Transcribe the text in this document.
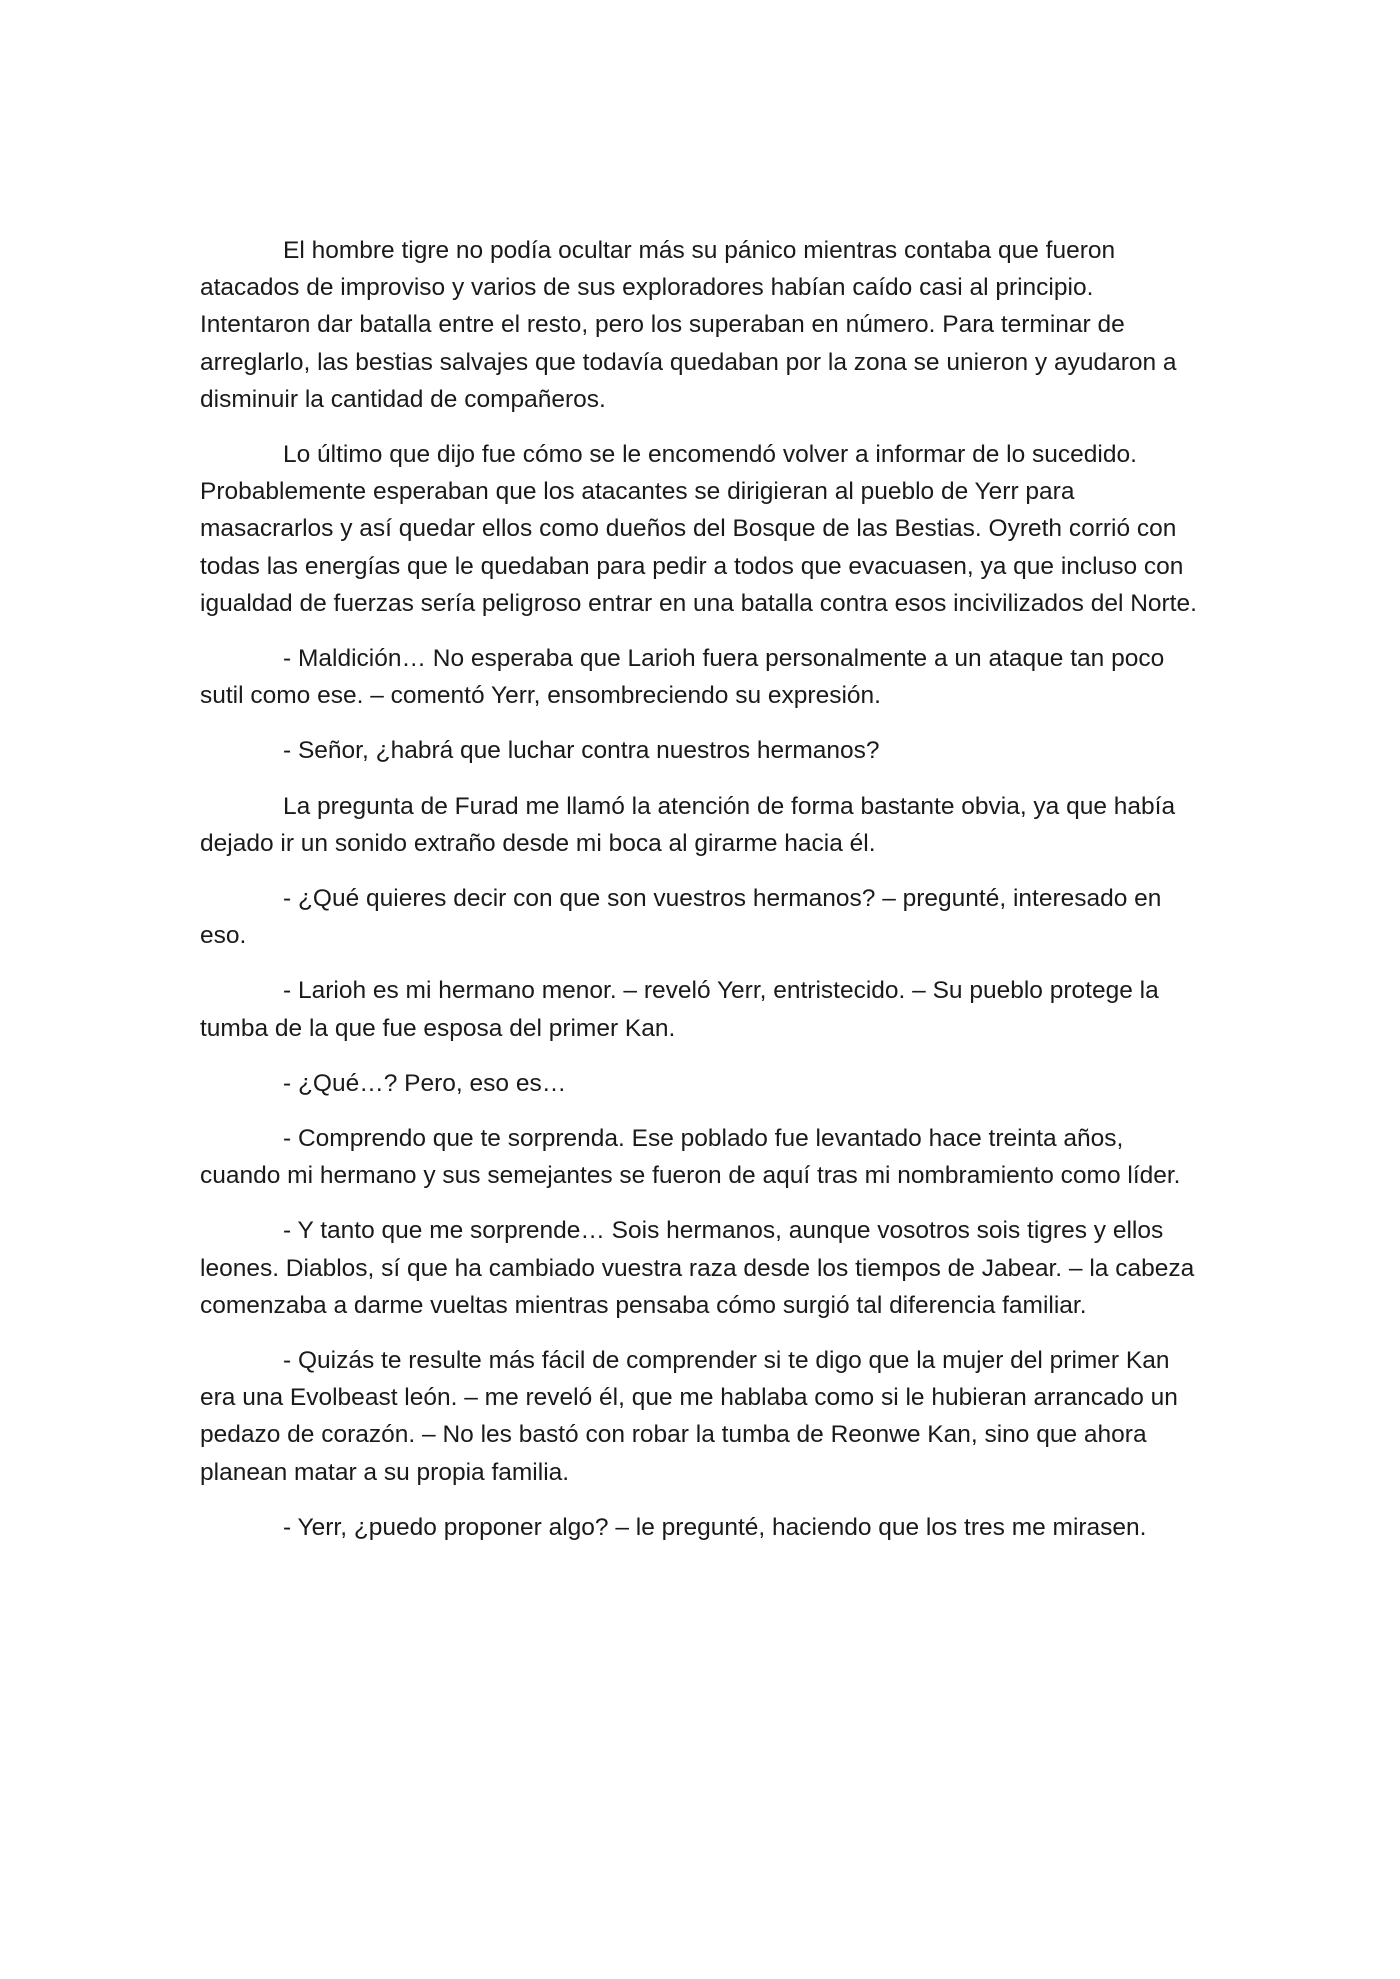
El hombre tigre no podía ocultar más su pánico mientras contaba que fueron atacados de improviso y varios de sus exploradores habían caído casi al principio. Intentaron dar batalla entre el resto, pero los superaban en número. Para terminar de arreglarlo, las bestias salvajes que todavía quedaban por la zona se unieron y ayudaron a disminuir la cantidad de compañeros.

Lo último que dijo fue cómo se le encomendó volver a informar de lo sucedido. Probablemente esperaban que los atacantes se dirigieran al pueblo de Yerr para masacrarlos y así quedar ellos como dueños del Bosque de las Bestias. Oyreth corrió con todas las energías que le quedaban para pedir a todos que evacuasen, ya que incluso con igualdad de fuerzas sería peligroso entrar en una batalla contra esos incivilizados del Norte.

- Maldición… No esperaba que Larioh fuera personalmente a un ataque tan poco sutil como ese. – comentó Yerr, ensombreciendo su expresión.

- Señor, ¿habrá que luchar contra nuestros hermanos?

La pregunta de Furad me llamó la atención de forma bastante obvia, ya que había dejado ir un sonido extraño desde mi boca al girarme hacia él.

- ¿Qué quieres decir con que son vuestros hermanos? – pregunté, interesado en eso.

- Larioh es mi hermano menor. – reveló Yerr, entristecido. – Su pueblo protege la tumba de la que fue esposa del primer Kan.

- ¿Qué…? Pero, eso es…

- Comprendo que te sorprenda. Ese poblado fue levantado hace treinta años, cuando mi hermano y sus semejantes se fueron de aquí tras mi nombramiento como líder.

- Y tanto que me sorprende… Sois hermanos, aunque vosotros sois tigres y ellos leones. Diablos, sí que ha cambiado vuestra raza desde los tiempos de Jabear. – la cabeza comenzaba a darme vueltas mientras pensaba cómo surgió tal diferencia familiar.

- Quizás te resulte más fácil de comprender si te digo que la mujer del primer Kan era una Evolbeast león. – me reveló él, que me hablaba como si le hubieran arrancado un pedazo de corazón. – No les bastó con robar la tumba de Reonwe Kan, sino que ahora planean matar a su propia familia.

- Yerr, ¿puedo proponer algo? – le pregunté, haciendo que los tres me mirasen.
